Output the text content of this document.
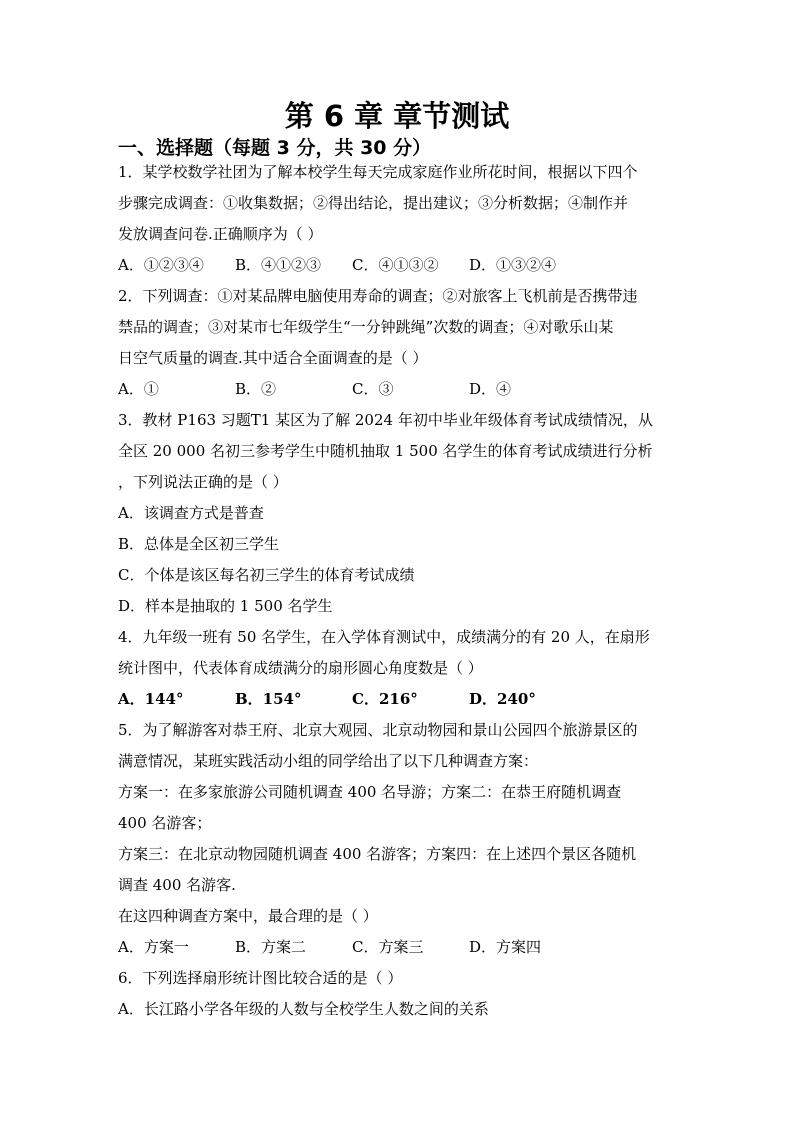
第 6 章 章节测试
一、选择题（每题 3 分，共 30 分）
1．某学校数学社团为了解本校学生每天完成家庭作业所花时间，根据以下四个
步骤完成调查：①收集数据；②得出结论，提出建议；③分析数据；④制作并
发放调查问卷.正确顺序为（ ）
A．①②③④	B．④①②③	C．④①③②	D．①③②④
2．下列调查：①对某品牌电脑使用寿命的调查；②对旅客上飞机前是否携带违
禁品的调查；③对某市七年级学生“一分钟跳绳”次数的调查；④对歌乐山某
日空气质量的调查.其中适合全面调查的是（ ）
A．①	B．②	C．③	D．④
3．教材 P163 习题T1 某区为了解 2024 年初中毕业年级体育考试成绩情况，从
全区 20 000 名初三参考学生中随机抽取 1 500 名学生的体育考试成绩进行分析
，下列说法正确的是（ ）
A．该调查方式是普查
B．总体是全区初三学生
C．个体是该区每名初三学生的体育考试成绩
D．样本是抽取的 1 500 名学生
4．九年级一班有 50 名学生，在入学体育测试中，成绩满分的有 20 人，在扇形
统计图中，代表体育成绩满分的扇形圆心角度数是（ ）
A．144°	B．154°	C．216°	D．240°
5．为了解游客对恭王府、北京大观园、北京动物园和景山公园四个旅游景区的
满意情况，某班实践活动小组的同学给出了以下几种调查方案：
方案一：在多家旅游公司随机调查 400 名导游；方案二：在恭王府随机调查
400 名游客；
方案三：在北京动物园随机调查 400 名游客；方案四：在上述四个景区各随机
调查 400 名游客.
在这四种调查方案中，最合理的是（ ）
A．方案一	B．方案二	C．方案三	D．方案四
6．下列选择扇形统计图比较合适的是（ ）
A．长江路小学各年级的人数与全校学生人数之间的关系
